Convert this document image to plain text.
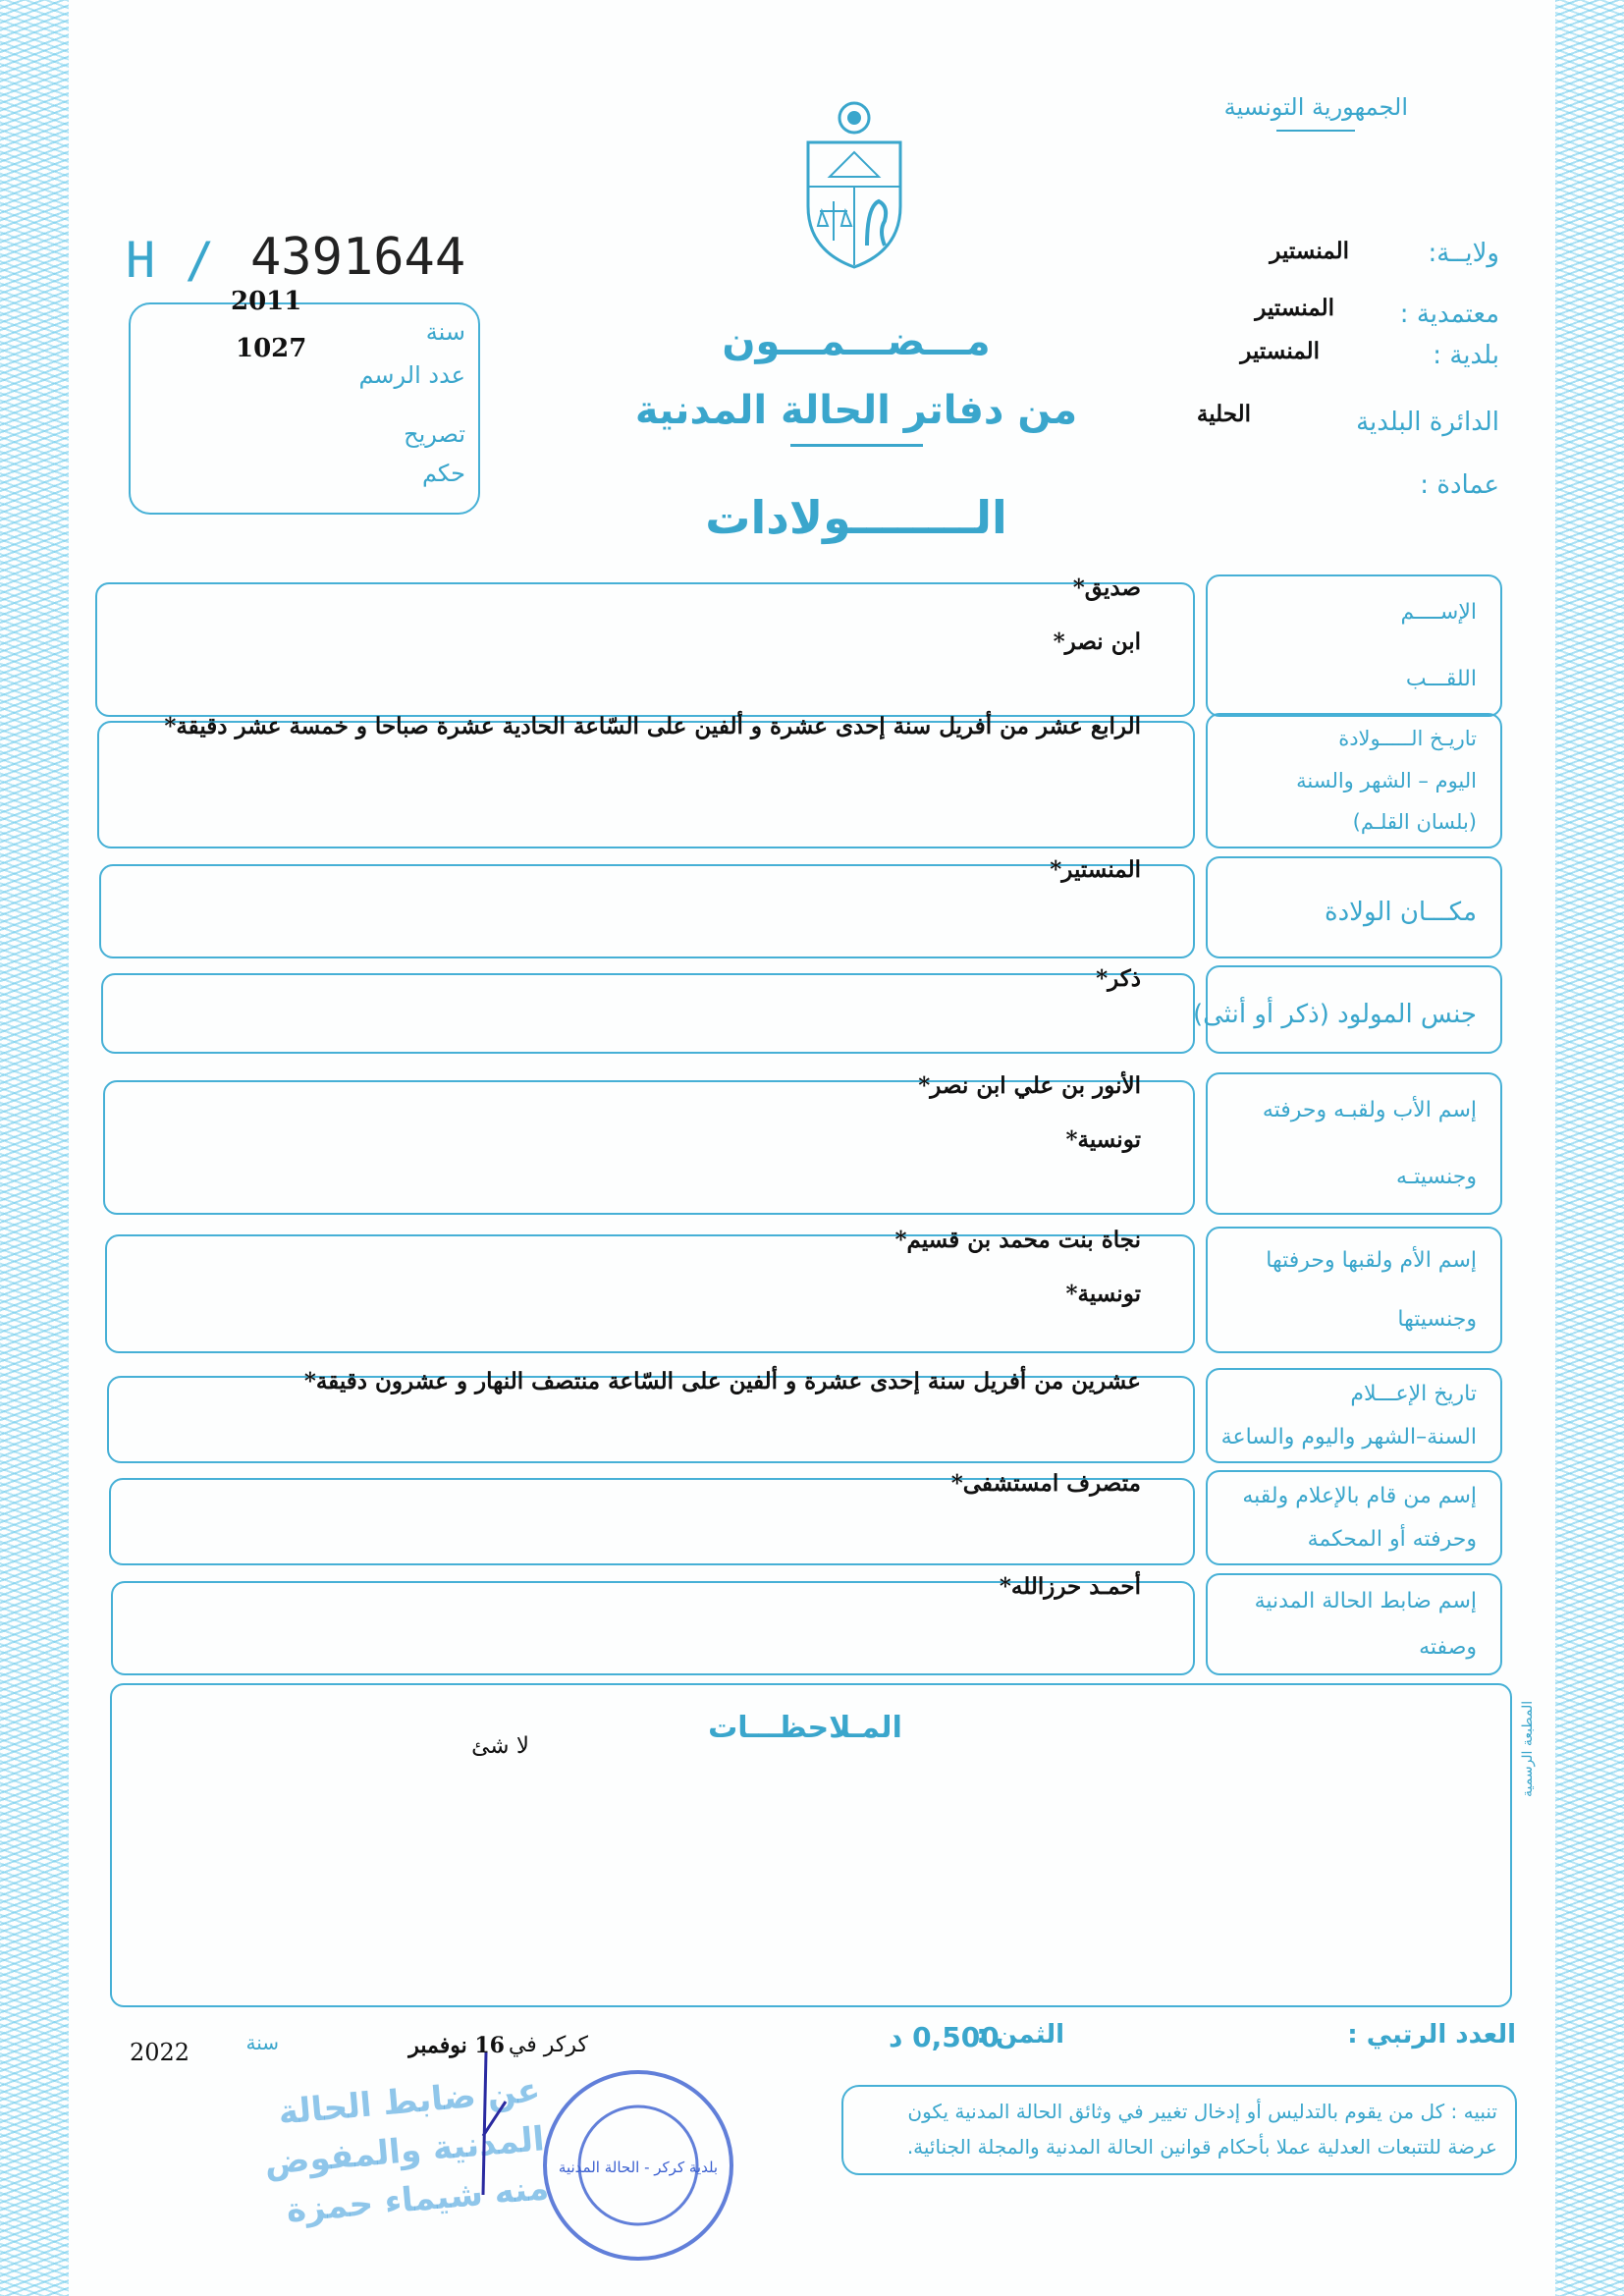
الجمهورية التونسية
H / 4391644
2011
1027
سنة
عدد الرسم
تصريح
حكم
ولايــة:
المنستير
معتمدية :
المنستير
بلدية :
المنستير
الدائرة البلدية
الحلية
عمادة :
مـــضـــمـــون
من دفاتر الحالة المدنية
الــــــــولادات
الإســــم
اللقـــب
صديق*
ابن نصر*
تاريـخ الـــــولادة
اليوم – الشهر والسنة
(بلسان القلـم)
الرابع عشر من أفريل سنة إحدى عشرة و ألفين على السّاعة الحادية عشرة صباحا و خمسة عشر دقيقة*
مكـــان الولادة
المنستير*
جنس المولود (ذكر أو أنثى)
ذكر*
إسم الأب ولقبـه وحرفته
وجنسيتـه
الأنور بن علي ابن نصر*
تونسية*
إسم الأم ولقبها وحرفتها
وجنسيتها
نجاة بنت محمد بن قسيم*
تونسية*
تاريخ الإعـــلام
السنة–الشهر واليوم والساعة
عشرين من أفريل سنة إحدى عشرة و ألفين على السّاعة منتصف النهار و عشرون دقيقة*
إسم من قام بالإعلام ولقبه
وحرفته أو المحكمة
متصرف امستشفى*
إسم ضابط الحالة المدنية
وصفته
أحمـد حرزالله*
المـلاحظـــات
لا شئ	المطبعة الرسمية
العدد الرتبي :
الثمن :
0,500 د
تنبيه : كل من يقوم بالتدليس أو إدخال تغيير في وثائق الحالة المدنية يكون عرضة للتتبعات العدلية عملا بأحكام قوانين الحالة المدنية والمجلة الجنائية.
كركر في
16 نوفمبر
سنة
2022
عن ضابط الحالة المدنية والمفوض منه شيماء حمزة
بلدية كركر - الحالة المدنية
